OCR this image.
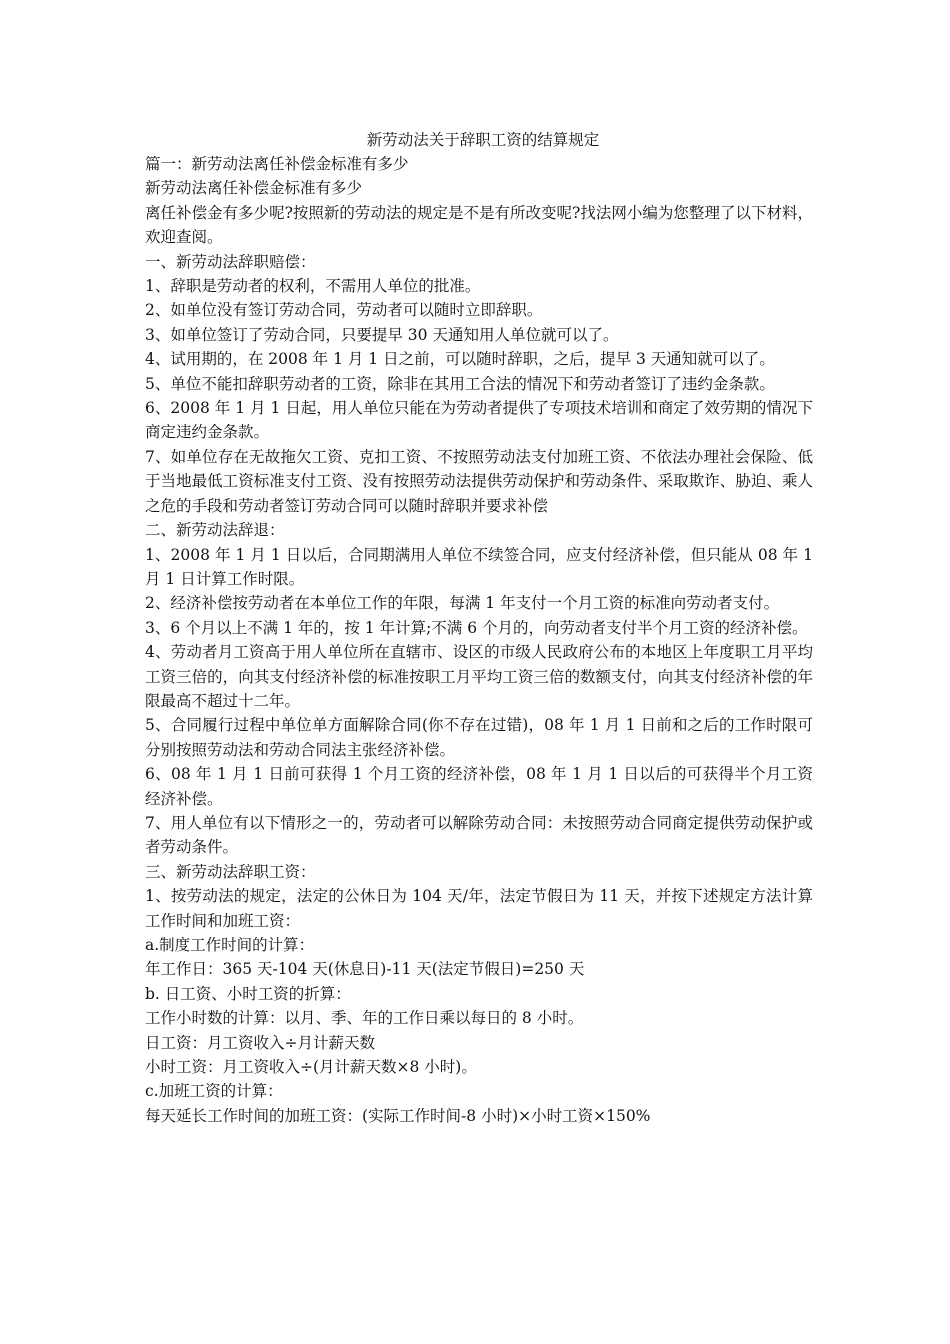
新劳动法关于辞职工资的结算规定

篇一：新劳动法离任补偿金标准有多少

新劳动法离任补偿金标准有多少

离任补偿金有多少呢?按照新的劳动法的规定是不是有所改变呢?找法网小编为您整理了以下材料，欢迎查阅。

一、新劳动法辞职赔偿：

1、辞职是劳动者的权利，不需用人单位的批准。

2、如单位没有签订劳动合同，劳动者可以随时立即辞职。

3、如单位签订了劳动合同，只要提早 30 天通知用人单位就可以了。

4、试用期的，在 2008 年 1 月 1 日之前，可以随时辞职，之后，提早 3 天通知就可以了。

5、单位不能扣辞职劳动者的工资，除非在其用工合法的情况下和劳动者签订了违约金条款。

6、2008 年 1 月 1 日起，用人单位只能在为劳动者提供了专项技术培训和商定了效劳期的情况下商定违约金条款。

7、如单位存在无故拖欠工资、克扣工资、不按照劳动法支付加班工资、不依法办理社会保险、低于当地最低工资标准支付工资、没有按照劳动法提供劳动保护和劳动条件、采取欺诈、胁迫、乘人之危的手段和劳动者签订劳动合同可以随时辞职并要求补偿

二、新劳动法辞退：

1、2008 年 1 月 1 日以后，合同期满用人单位不续签合同，应支付经济补偿，但只能从 08 年 1 月 1 日计算工作时限。

2、经济补偿按劳动者在本单位工作的年限，每满 1 年支付一个月工资的标准向劳动者支付。

3、6 个月以上不满 1 年的，按 1 年计算;不满 6 个月的，向劳动者支付半个月工资的经济补偿。

4、劳动者月工资高于用人单位所在直辖市、设区的市级人民政府公布的本地区上年度职工月平均工资三倍的，向其支付经济补偿的标准按职工月平均工资三倍的数额支付，向其支付经济补偿的年限最高不超过十二年。

5、合同履行过程中单位单方面解除合同(你不存在过错)，08 年 1 月 1 日前和之后的工作时限可分别按照劳动法和劳动合同法主张经济补偿。

6、08 年 1 月 1 日前可获得 1 个月工资的经济补偿，08 年 1 月 1 日以后的可获得半个月工资经济补偿。

7、用人单位有以下情形之一的，劳动者可以解除劳动合同：未按照劳动合同商定提供劳动保护或者劳动条件。

三、新劳动法辞职工资：

1、按劳动法的规定，法定的公休日为 104 天/年，法定节假日为 11 天，并按下述规定方法计算工作时间和加班工资：

a.制度工作时间的计算：

年工作日：365 天-104 天(休息日)-11 天(法定节假日)=250 天

b. 日工资、小时工资的折算：

工作小时数的计算：以月、季、年的工作日乘以每日的 8 小时。

日工资：月工资收入÷月计薪天数

小时工资：月工资收入÷(月计薪天数×8 小时)。

c.加班工资的计算：

每天延长工作时间的加班工资：(实际工作时间-8 小时)×小时工资×150%
